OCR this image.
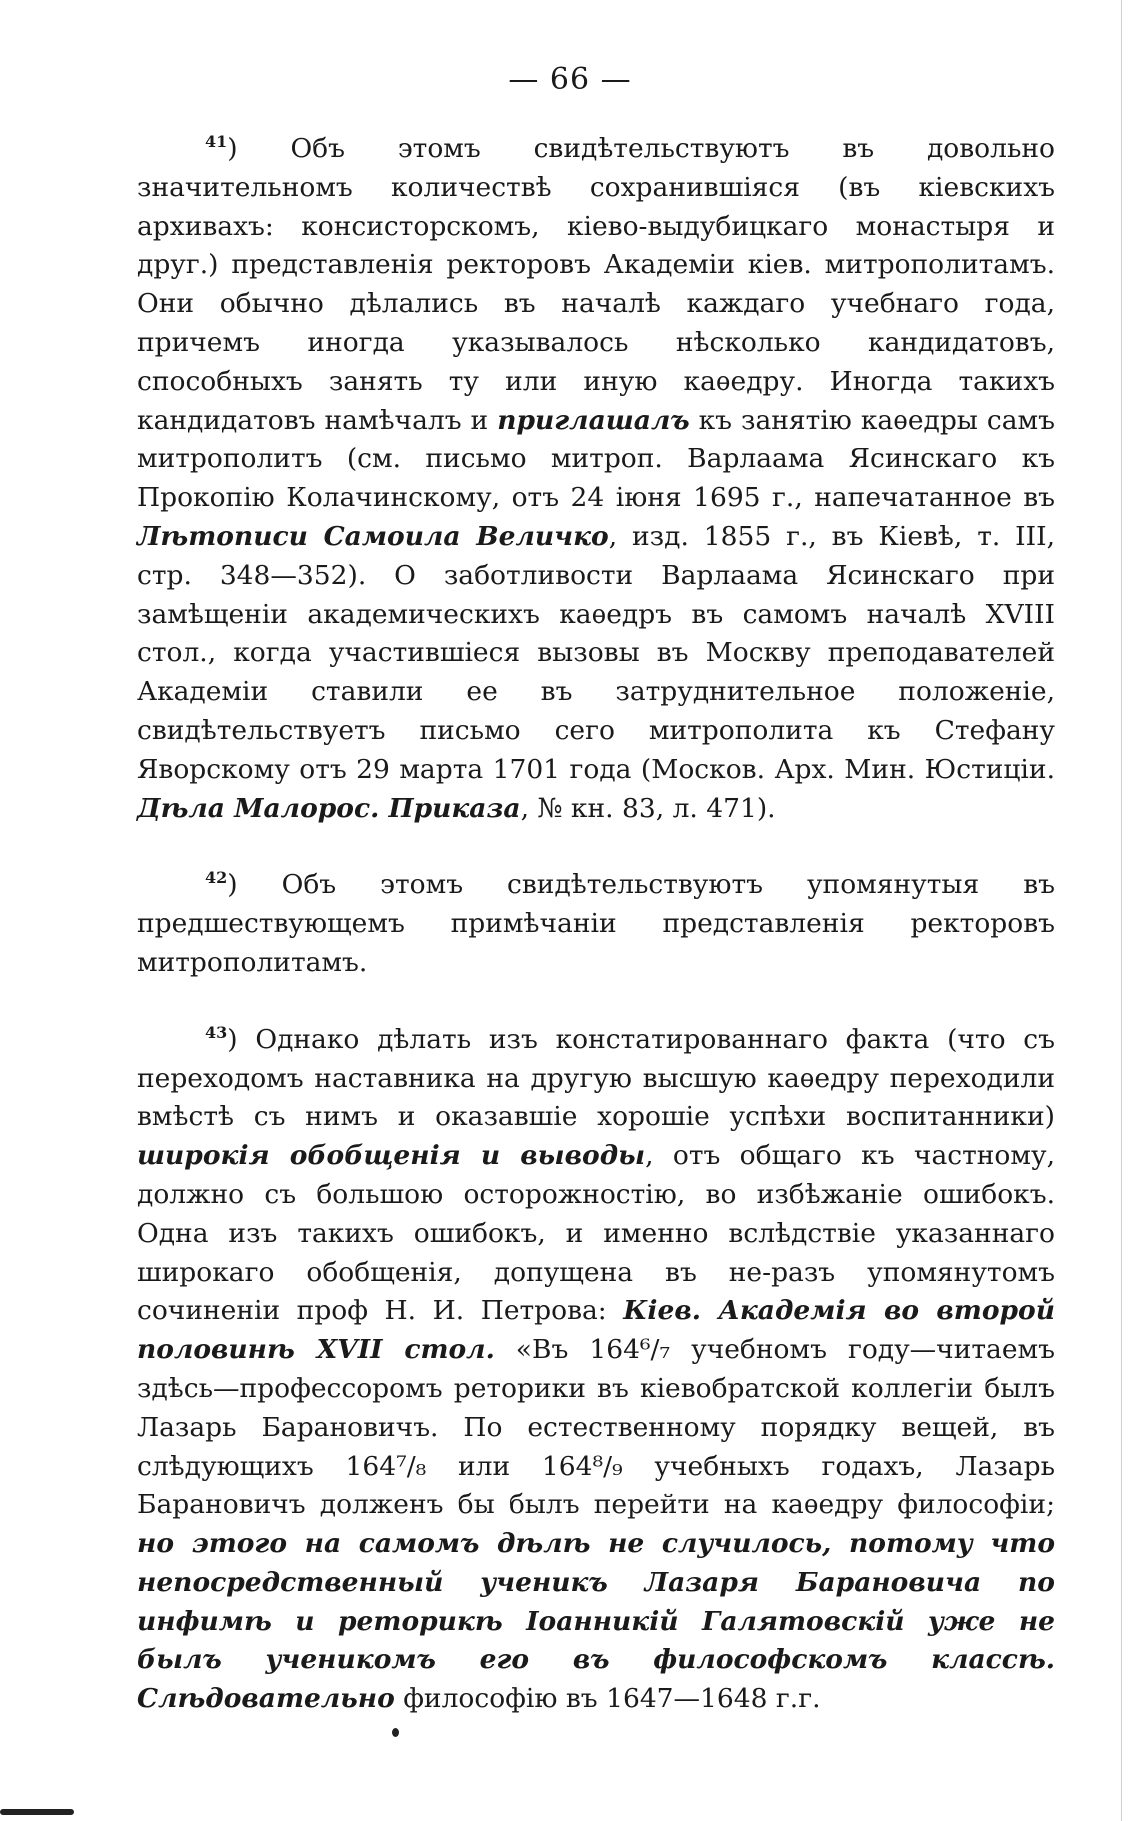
— 66 —

$^{41}$) Объ этомъ свидѣтельствуютъ въ довольно значительномъ количествѣ сохранившіяся (въ кіевскихъ архивахъ: консисторскомъ, кіево-выдубицкаго монастыря и друг.) представленія ректоровъ Академіи кіев. митрополитамъ. Они обычно дѣлались въ началѣ каждаго учебнаго года, причемъ иногда указывалось нѣсколько кандидатовъ, способныхъ занять ту или иную каѳедру. Иногда такихъ кандидатовъ намѣчалъ и приглашалъ къ занятію каѳедры самъ митрополитъ (см. письмо митроп. Варлаама Ясинскаго къ Прокопію Колачинскому, отъ 24 іюня 1695 г., напечатанное въ Лѣтописи Самоила Величко, изд. 1855 г., въ Кіевѣ, т. III, стр. 348—352). О заботливости Варлаама Ясинскаго при замѣщеніи академическихъ каѳедръ въ самомъ началѣ XVIII стол., когда участившіеся вызовы въ Москву преподавателей Академіи ставили ее въ затруднительное положеніе, свидѣтельствуетъ письмо сего митрополита къ Стефану Яворскому отъ 29 марта 1701 года (Москов. Арх. Мин. Юстиціи. Дѣла Малорос. Приказа, № кн. 83, л. 471).

$^{42}$) Объ этомъ свидѣтельствуютъ упомянутыя въ предшествующемъ примѣчаніи представленія ректоровъ митрополитамъ.

$^{43}$) Однако дѣлать изъ констатированнаго факта (что съ переходомъ наставника на другую высшую каѳедру переходили вмѣстѣ съ нимъ и оказавшіе хорошіе успѣхи воспитанники) широкія обобщенія и выводы, отъ общаго къ частному, должно съ большою осторожностію, во избѣжаніе ошибокъ. Одна изъ такихъ ошибокъ, и именно вслѣдствіе указаннаго широкаго обобщенія, допущена въ не-разъ упомянутомъ сочиненіи проф Н. И. Петрова: Кіев. Академія во второй половинѣ XVII стол. «Въ 164⁶/₇ учебномъ году—читаемъ здѣсь—профессоромъ реторики въ кіевобратской коллегіи былъ Лазарь Барановичъ. По естественному порядку вещей, въ слѣдующихъ 164⁷/₈ или 164⁸/₉ учебныхъ годахъ, Лазарь Барановичъ долженъ бы былъ перейти на каѳедру философіи; но этого на самомъ дѣлѣ не случилось, потому что непосредственный ученикъ Лазаря Барановича по инфимѣ и реторикѣ Іоанникій Галятовскій уже не былъ ученикомъ его въ философскомъ классѣ. Слѣдовательно философію въ 1647—1648 г.г.
